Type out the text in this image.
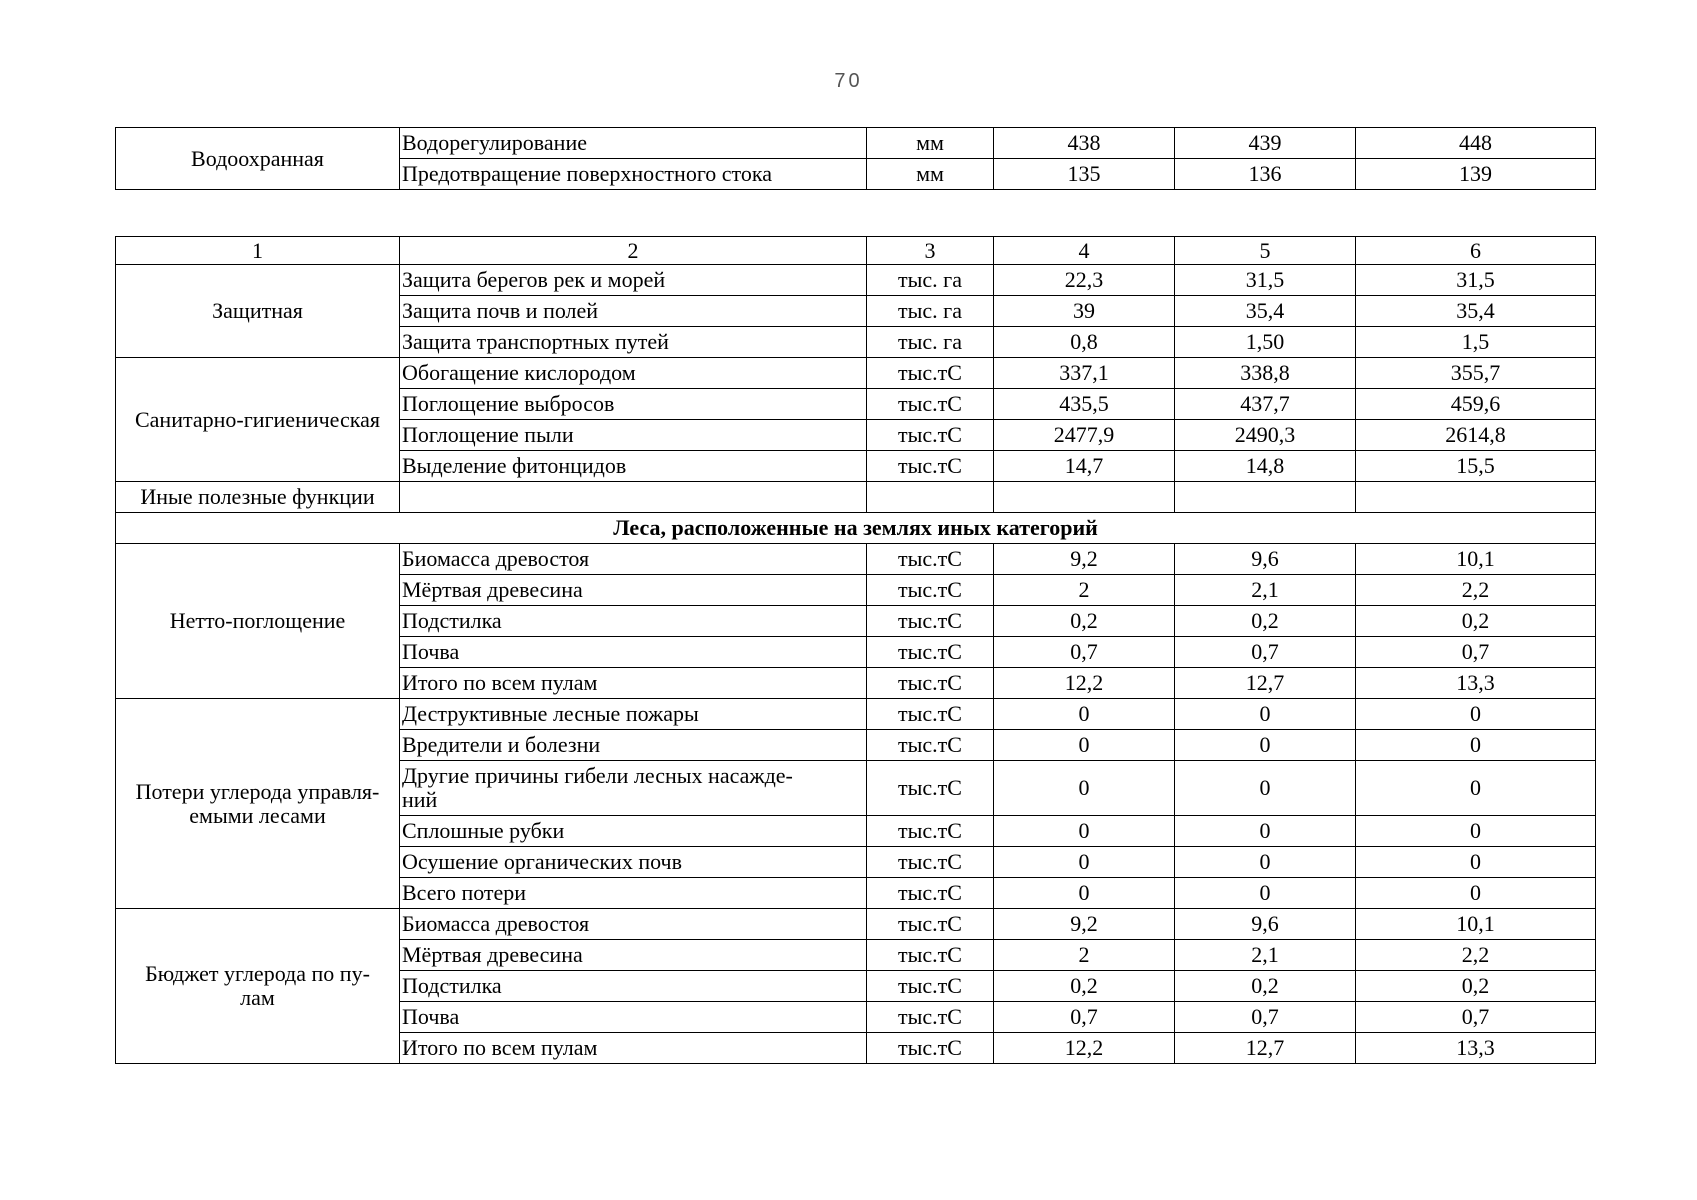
70
Водоохранная	Водорегулирование	мм	438	439	448
	Предотвращение поверхностного стока	мм	135	136	139
1	2	3	4	5	6
Защитная	Защита берегов рек и морей	тыс. га	22,3	31,5	31,5
	Защита почв и полей	тыс. га	39	35,4	35,4
	Защита транспортных путей	тыс. га	0,8	1,50	1,5
Санитарно-гигиеническая	Обогащение кислородом	тыс.тС	337,1	338,8	355,7
	Поглощение выбросов	тыс.тС	435,5	437,7	459,6
	Поглощение пыли	тыс.тС	2477,9	2490,3	2614,8
	Выделение фитонцидов	тыс.тС	14,7	14,8	15,5
Иные полезные функции					
Леса, расположенные на землях иных категорий					
Нетто-поглощение	Биомасса древостоя	тыс.тС	9,2	9,6	10,1
	Мёртвая древесина	тыс.тС	2	2,1	2,2
	Подстилка	тыс.тС	0,2	0,2	0,2
	Почва	тыс.тС	0,7	0,7	0,7
	Итого по всем пулам	тыс.тС	12,2	12,7	13,3
Потери углерода управля-
емыми лесами	Деструктивные лесные пожары	тыс.тС	0	0	0
	Вредители и болезни	тыс.тС	0	0	0
	Другие причины гибели лесных насажде-
ний	тыс.тС	0	0	0
	Сплошные рубки	тыс.тС	0	0	0
	Осушение органических почв	тыс.тС	0	0	0
	Всего потери	тыс.тС	0	0	0
Бюджет углерода по пу-
лам	Биомасса древостоя	тыс.тС	9,2	9,6	10,1
	Мёртвая древесина	тыс.тС	2	2,1	2,2
	Подстилка	тыс.тС	0,2	0,2	0,2
	Почва	тыс.тС	0,7	0,7	0,7
	Итого по всем пулам	тыс.тС	12,2	12,7	13,3
